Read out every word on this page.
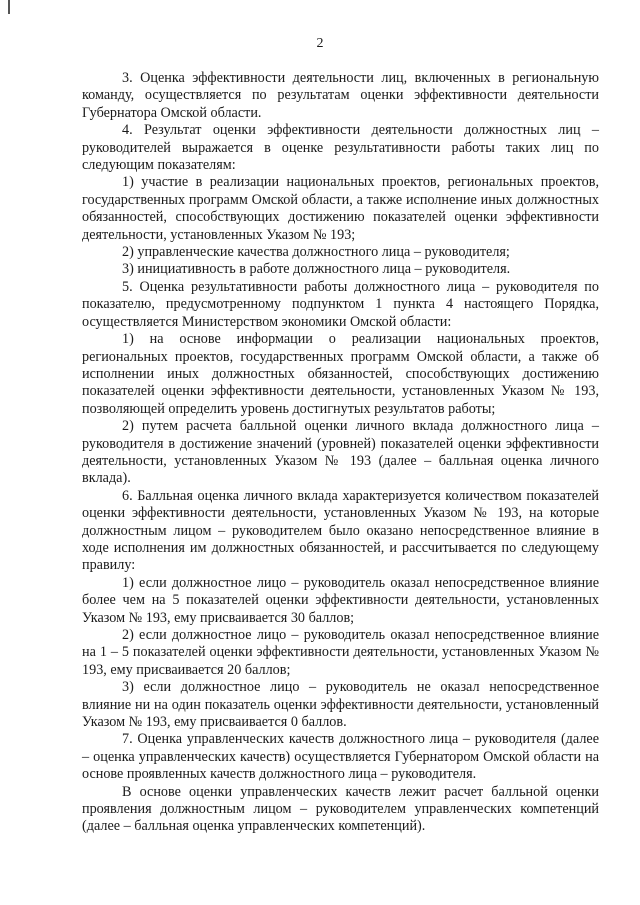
2

3. Оценка эффективности деятельности лиц, включенных в региональную команду, осуществляется по результатам оценки эффективности деятельности Губернатора Омской области.

4. Результат оценки эффективности деятельности должностных лиц – руководителей выражается в оценке результативности работы таких лиц по следующим показателям:

1) участие в реализации национальных проектов, региональных проектов, государственных программ Омской области, а также исполнение иных должностных обязанностей, способствующих достижению показателей оценки эффективности деятельности, установленных Указом № 193;

2) управленческие качества должностного лица – руководителя;

3) инициативность в работе должностного лица – руководителя.

5. Оценка результативности работы должностного лица – руководителя по показателю, предусмотренному подпунктом 1 пункта 4 настоящего Порядка, осуществляется Министерством экономики Омской области:

1) на основе информации о реализации национальных проектов, региональных проектов, государственных программ Омской области, а также об исполнении иных должностных обязанностей, способствующих достижению показателей оценки эффективности деятельности, установленных Указом № 193, позволяющей определить уровень достигнутых результатов работы;

2) путем расчета балльной оценки личного вклада должностного лица – руководителя в достижение значений (уровней) показателей оценки эффективности деятельности, установленных Указом № 193 (далее – балльная оценка личного вклада).

6. Балльная оценка личного вклада характеризуется количеством показателей оценки эффективности деятельности, установленных Указом № 193, на которые должностным лицом – руководителем было оказано непосредственное влияние в ходе исполнения им должностных обязанностей, и рассчитывается по следующему правилу:

1) если должностное лицо – руководитель оказал непосредственное влияние более чем на 5 показателей оценки эффективности деятельности, установленных Указом № 193, ему присваивается 30 баллов;

2) если должностное лицо – руководитель оказал непосредственное влияние на 1 – 5 показателей оценки эффективности деятельности, установленных Указом № 193, ему присваивается 20 баллов;

3) если должностное лицо – руководитель не оказал непосредственное влияние ни на один показатель оценки эффективности деятельности, установленный Указом № 193, ему присваивается 0 баллов.

7. Оценка управленческих качеств должностного лица – руководителя (далее – оценка управленческих качеств) осуществляется Губернатором Омской области на основе проявленных качеств должностного лица – руководителя.

В основе оценки управленческих качеств лежит расчет балльной оценки проявления должностным лицом – руководителем управленческих компетенций (далее – балльная оценка управленческих компетенций).
